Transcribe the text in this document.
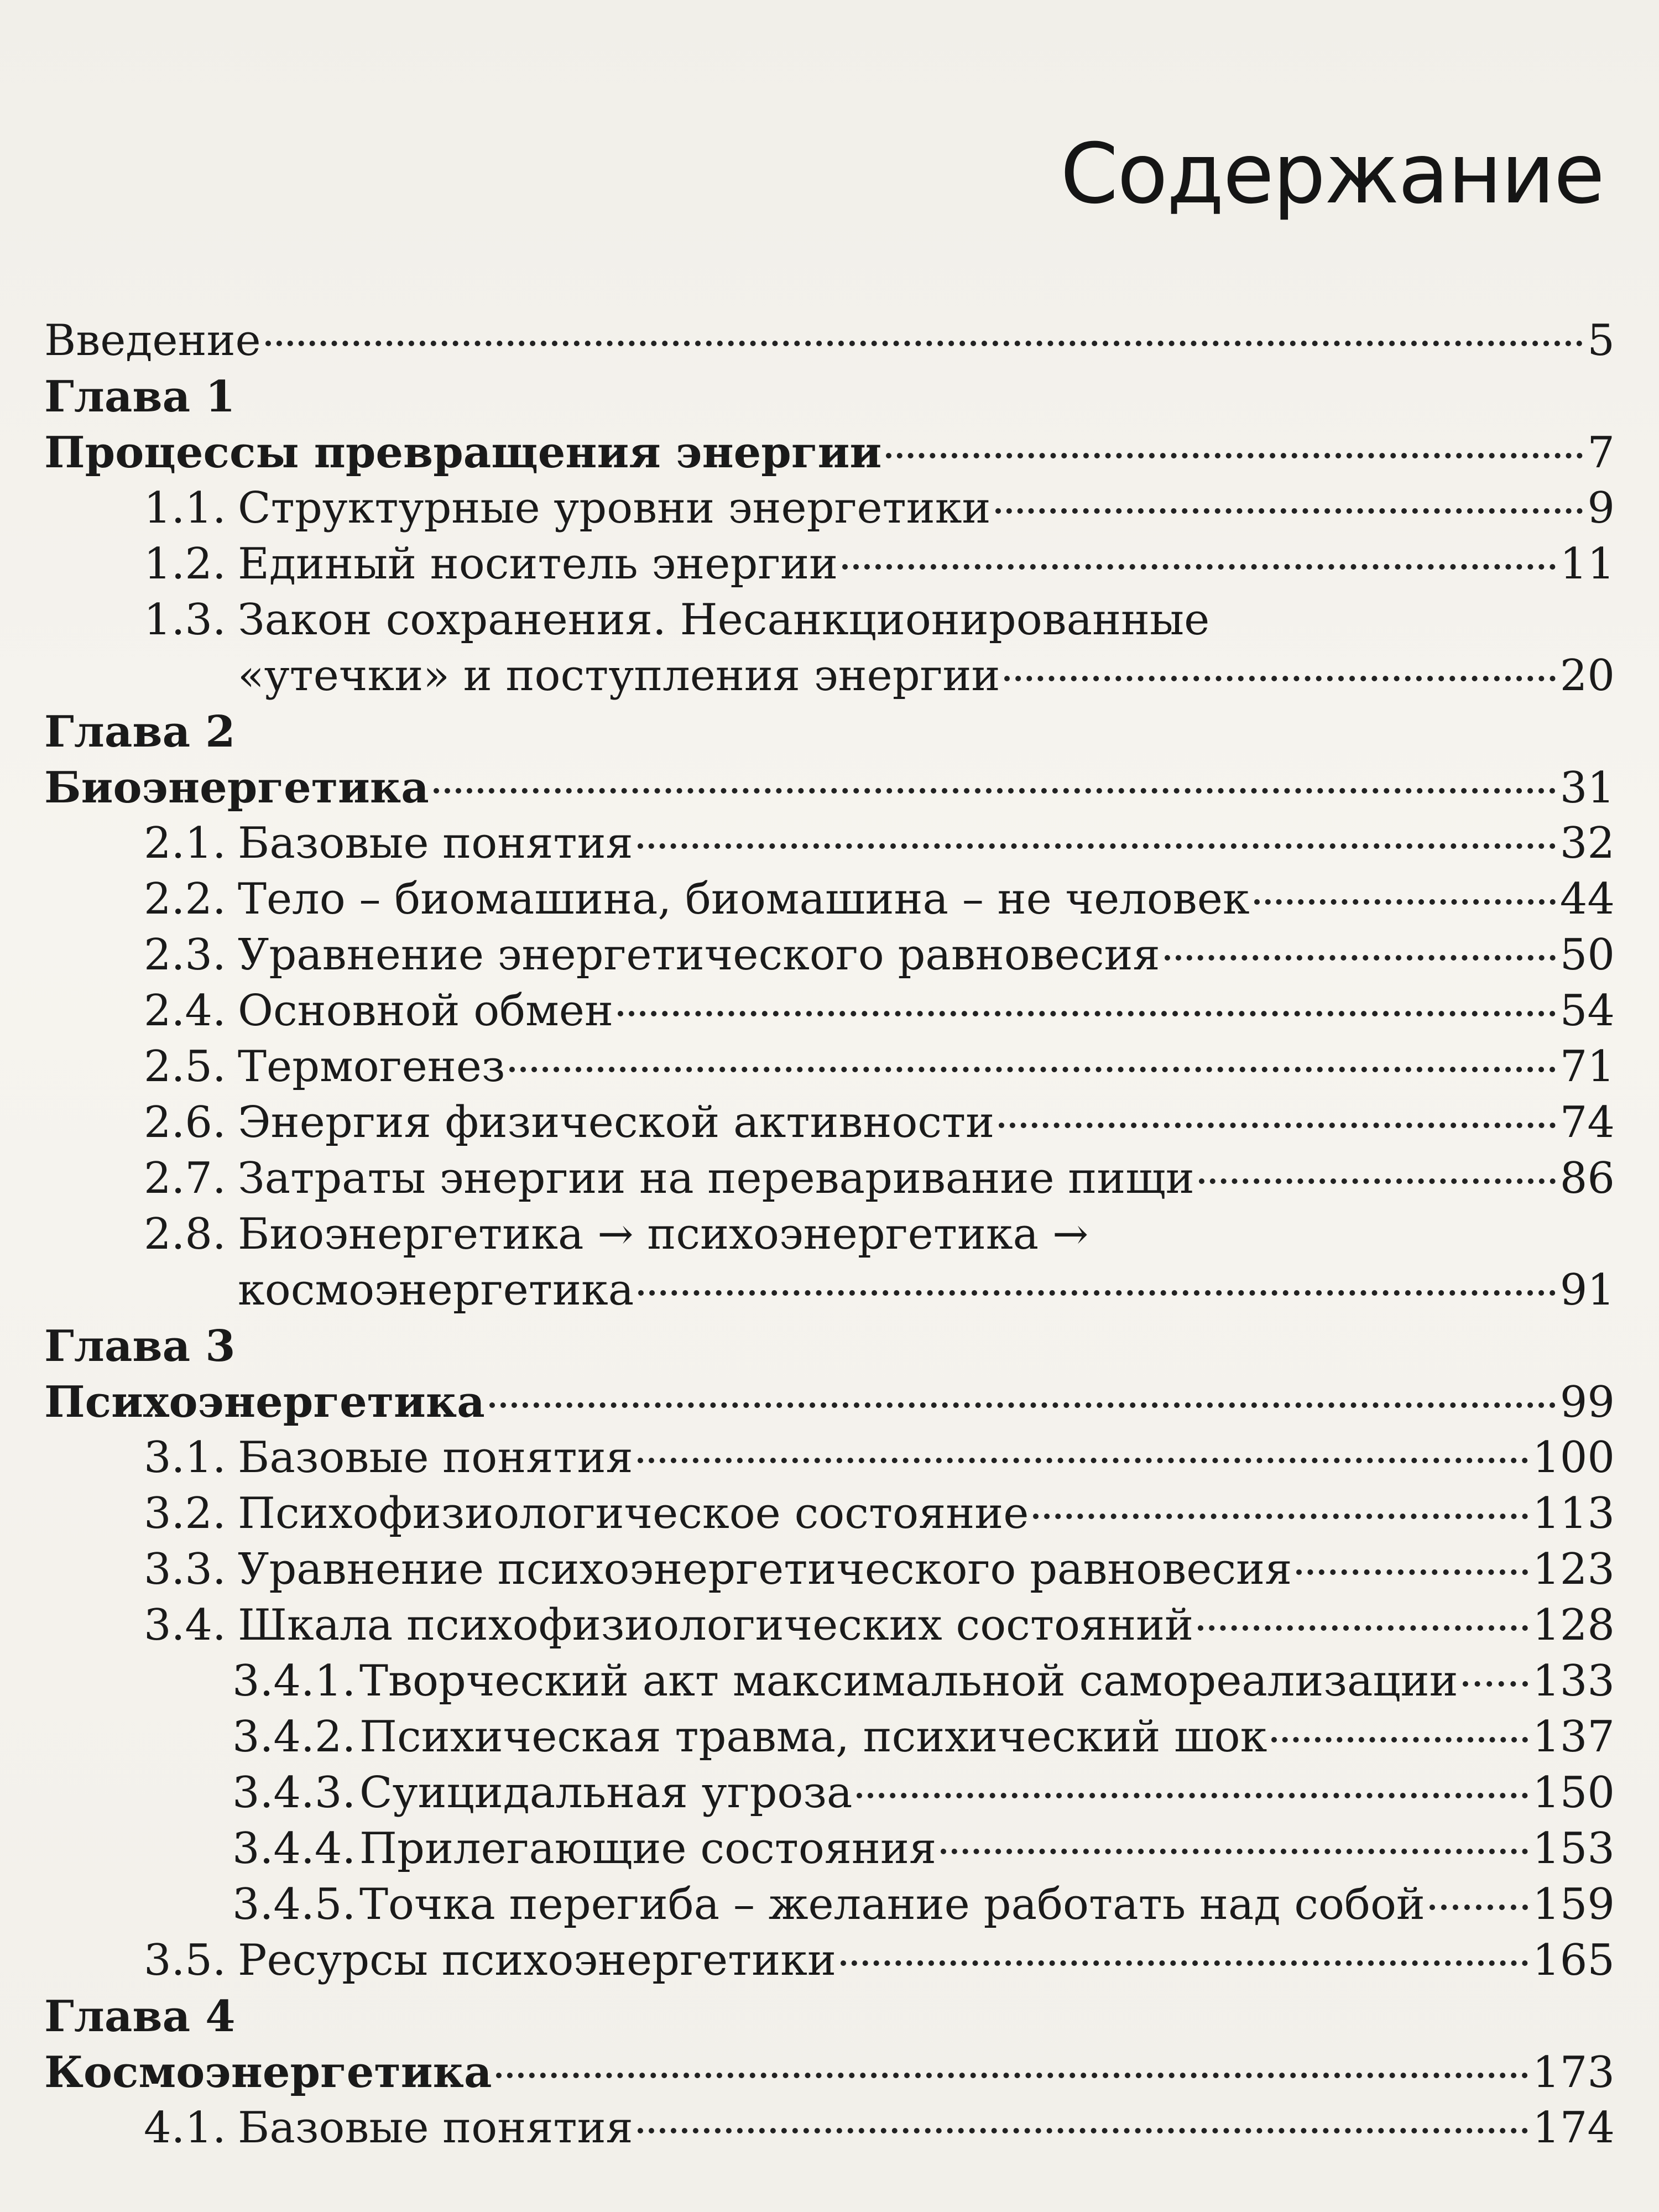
Содержание
Введение	5
Глава 1
Процессы превращения энергии	7
1.1. Структурные уровни энергетики	9
1.2. Единый носитель энергии	11
1.3. Закон сохранения. Несанкционированные
«утечки» и поступления энергии	20
Глава 2
Биоэнергетика	31
2.1. Базовые понятия	32
2.2. Тело – биомашина, биомашина – не человек	44
2.3. Уравнение энергетического равновесия	50
2.4. Основной обмен	54
2.5. Термогенез	71
2.6. Энергия физической активности	74
2.7. Затраты энергии на переваривание пищи	86
2.8. Биоэнергетика → психоэнергетика →
космоэнергетика	91
Глава 3
Психоэнергетика	99
3.1. Базовые понятия	100
3.2. Психофизиологическое состояние	113
3.3. Уравнение психоэнергетического равновесия	123
3.4. Шкала психофизиологических состояний	128
3.4.1. Творческий акт максимальной самореализации 133
3.4.2. Психическая травма, психический шок	137
3.4.3. Суицидальная угроза	150
3.4.4. Прилегающие состояния	153
3.4.5. Точка перегиба – желание работать над собой 159
3.5. Ресурсы психоэнергетики	165
Глава 4
Космоэнергетика	173
4.1. Базовые понятия	174
